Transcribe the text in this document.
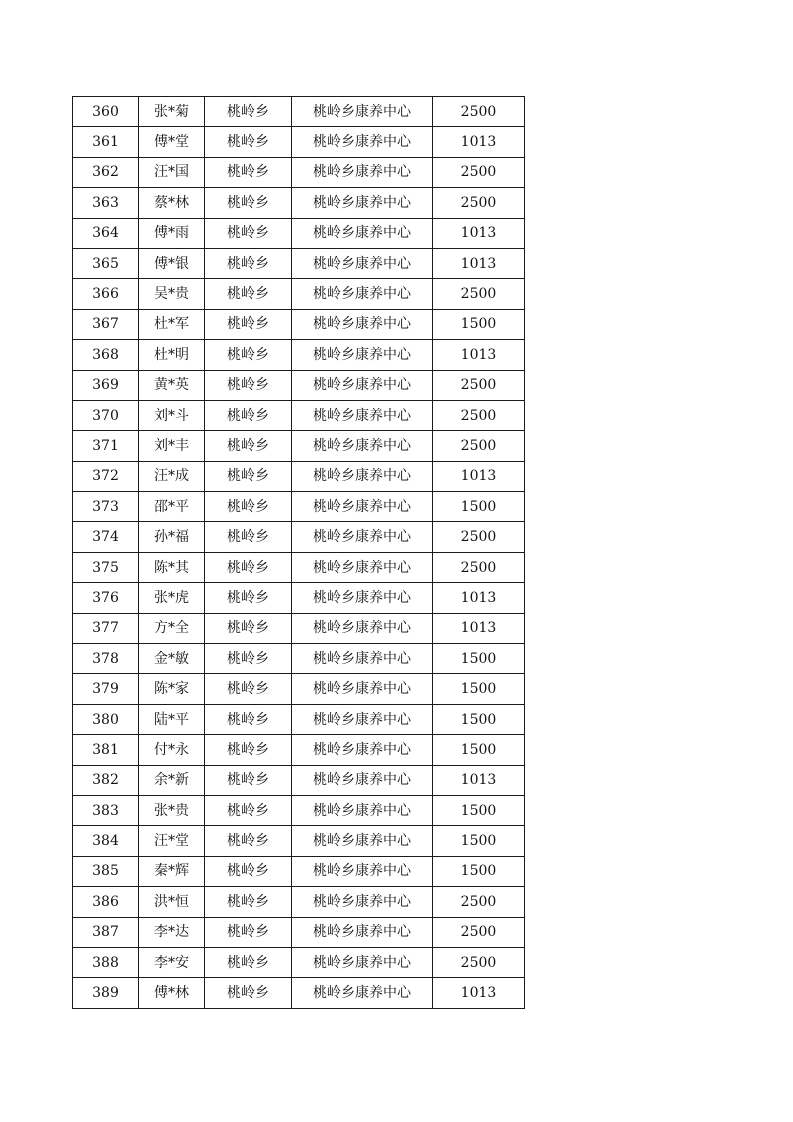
360	张*菊	桃岭乡	桃岭乡康养中心	2500
361	傅*堂	桃岭乡	桃岭乡康养中心	1013
362	汪*国	桃岭乡	桃岭乡康养中心	2500
363	蔡*林	桃岭乡	桃岭乡康养中心	2500
364	傅*雨	桃岭乡	桃岭乡康养中心	1013
365	傅*银	桃岭乡	桃岭乡康养中心	1013
366	吴*贵	桃岭乡	桃岭乡康养中心	2500
367	杜*军	桃岭乡	桃岭乡康养中心	1500
368	杜*明	桃岭乡	桃岭乡康养中心	1013
369	黄*英	桃岭乡	桃岭乡康养中心	2500
370	刘*斗	桃岭乡	桃岭乡康养中心	2500
371	刘*丰	桃岭乡	桃岭乡康养中心	2500
372	汪*成	桃岭乡	桃岭乡康养中心	1013
373	邵*平	桃岭乡	桃岭乡康养中心	1500
374	孙*福	桃岭乡	桃岭乡康养中心	2500
375	陈*其	桃岭乡	桃岭乡康养中心	2500
376	张*虎	桃岭乡	桃岭乡康养中心	1013
377	方*全	桃岭乡	桃岭乡康养中心	1013
378	金*敏	桃岭乡	桃岭乡康养中心	1500
379	陈*家	桃岭乡	桃岭乡康养中心	1500
380	陆*平	桃岭乡	桃岭乡康养中心	1500
381	付*永	桃岭乡	桃岭乡康养中心	1500
382	余*新	桃岭乡	桃岭乡康养中心	1013
383	张*贵	桃岭乡	桃岭乡康养中心	1500
384	汪*堂	桃岭乡	桃岭乡康养中心	1500
385	秦*辉	桃岭乡	桃岭乡康养中心	1500
386	洪*恒	桃岭乡	桃岭乡康养中心	2500
387	李*达	桃岭乡	桃岭乡康养中心	2500
388	李*安	桃岭乡	桃岭乡康养中心	2500
389	傅*林	桃岭乡	桃岭乡康养中心	1013
